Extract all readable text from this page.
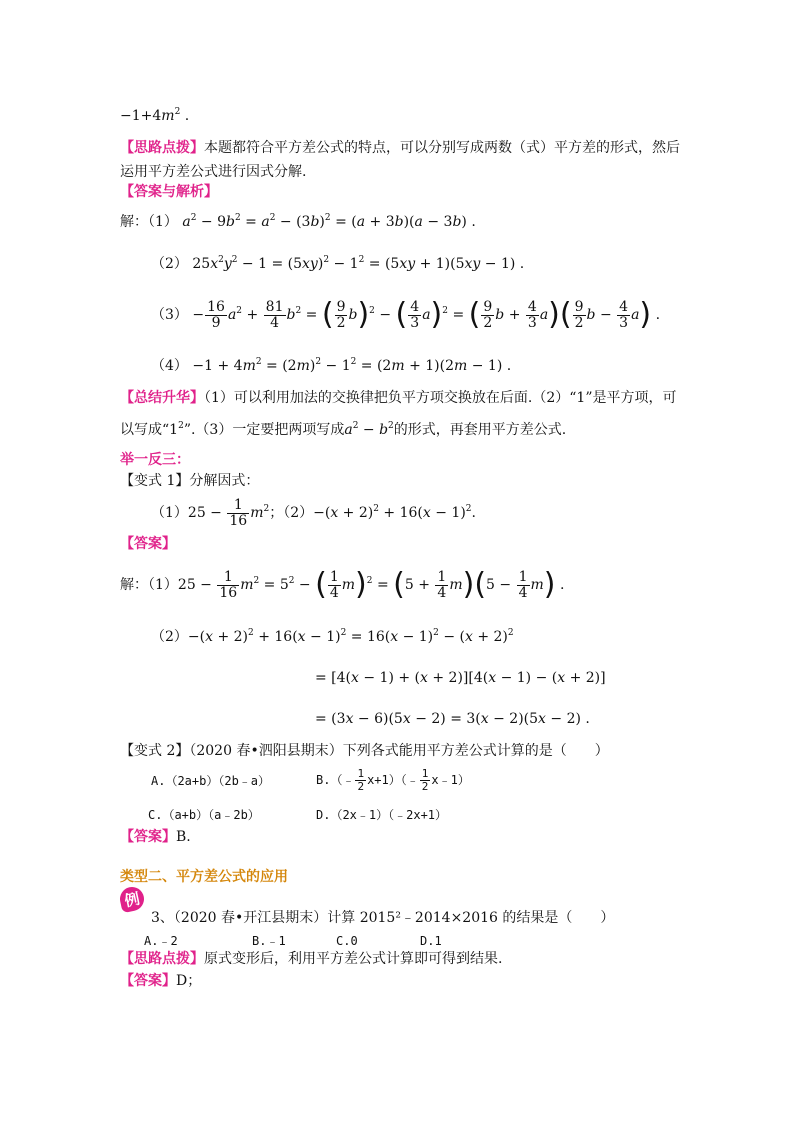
$-1+4m^2$ .
【思路点拨】本题都符合平方差公式的特点，可以分别写成两数（式）平方差的形式，然后
运用平方差公式进行因式分解.
【答案与解析】
解：（1） $a^2 - 9b^2 = a^2 - (3b)^2 = (a + 3b)(a - 3b)$ .
（2） $25x^2y^2 - 1 = (5xy)^2 - 1^2 = (5xy + 1)(5xy - 1)$ .
$(3) - \frac{16}{9} a^2 + \frac{81}{4} b^2$ = ( $\frac{9}{2} b)^2$ − ( $\frac{4}{3} a)^2$ = ( $\frac{9}{2}$ $b + \frac{4}{3} a)( \frac{9}{2}$ $b - \frac{4}{3} a$) .
$(4) -1 + 4m^2 = (2m)^2 - 1^2 = (2m + 1)(2m - 1)$ .
【总结升华】（1）可以利用加法的交换律把负平方项交换放在后面.（2）“1”是平方项，可
以写成“$1^2”.(3)$一定要把两项写成$a^2 - b^2$的形式，再套用平方差公式.
举一反三：
【变式 1】分解因式：
$(1)25 - \frac{1}{16} m^2$；$(2)-(x + 2)^2 + 16(x - 1)^2$.
【答案】
解：$(1)25 - \frac{1}{16} m^2 = 5^2$ − ( $\frac{1}{4} m)^2 = (5 + \frac{1}{4} m)(5 - \frac{1}{4} m)$ .
$(2)-(x + 2)^2 + 16(x - 1)^2 = 16(x - 1)^2 - (x + 2)^2$
= [4(x − 1) + (x + 2)][4(x − 1) − (x + 2)]
= (3x − 6)(5x − 2) = 3(x − 2)(5x − 2) .
【变式 2】（2020 春•泗阳县期末）下列各式能用平方差公式计算的是（　　）
A.（2a+b）（2b﹣a）	B.（﹣ $\frac{1}{2}$ x+1）（﹣ $\frac{1}{2}$ x﹣1）
C.（a+b）（a﹣2b）	D.（2x﹣1）（﹣2x+1）
【答案】B.
类型二、平方差公式的应用
例
3、（2020 春•开江县期末）计算 2015²﹣2014×2016 的结果是（　　）
A.﹣2	B.﹣1	C.0	D.1
【思路点拨】原式变形后，利用平方差公式计算即可得到结果.
【答案】D；
